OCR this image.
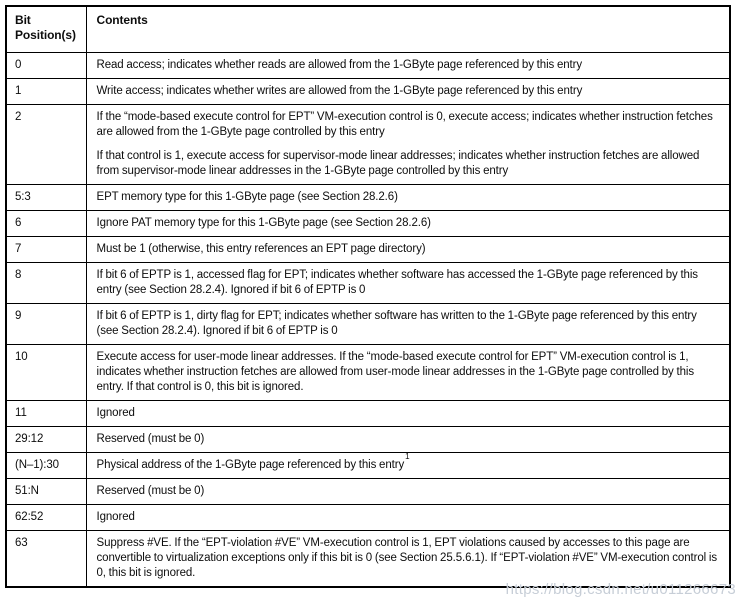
Bit Position(s)	Contents
0	Read access; indicates whether reads are allowed from the 1-GByte page referenced by this entry

1	Write access; indicates whether writes are allowed from the 1-GByte page referenced by this entry

2	If the “mode-based execute control for EPT” VM-execution control is 0, execute access; indicates whether instruction fetches are allowed from the 1-GByte page controlled by this entry

If that control is 1, execute access for supervisor-mode linear addresses; indicates whether instruction fetches are allowed from supervisor-mode linear addresses in the 1-GByte page controlled by this entry

5:3	EPT memory type for this 1-GByte page (see Section 28.2.6)

6	Ignore PAT memory type for this 1-GByte page (see Section 28.2.6)

7	Must be 1 (otherwise, this entry references an EPT page directory)

8	If bit 6 of EPTP is 1, accessed flag for EPT; indicates whether software has accessed the 1-GByte page referenced by this entry (see Section 28.2.4). Ignored if bit 6 of EPTP is 0

9	If bit 6 of EPTP is 1, dirty flag for EPT; indicates whether software has written to the 1-GByte page referenced by this entry (see Section 28.2.4). Ignored if bit 6 of EPTP is 0

10	Execute access for user-mode linear addresses. If the “mode-based execute control for EPT” VM-execution control is 1, indicates whether instruction fetches are allowed from user-mode linear addresses in the 1-GByte page controlled by this entry. If that control is 0, this bit is ignored.

11	Ignored

29:12	Reserved (must be 0)

(N–1):30	Physical address of the 1-GByte page referenced by this entry$^1$

51:N	Reserved (must be 0)

62:52	Ignored

63	Suppress #VE. If the “EPT-violation #VE” VM-execution control is 1, EPT violations caused by accesses to this page are convertible to virtualization exceptions only if this bit is 0 (see Section 25.5.6.1). If “EPT-violation #VE” VM-execution control is 0, this bit is ignored.

https://blog.csdn.net/u011266673
